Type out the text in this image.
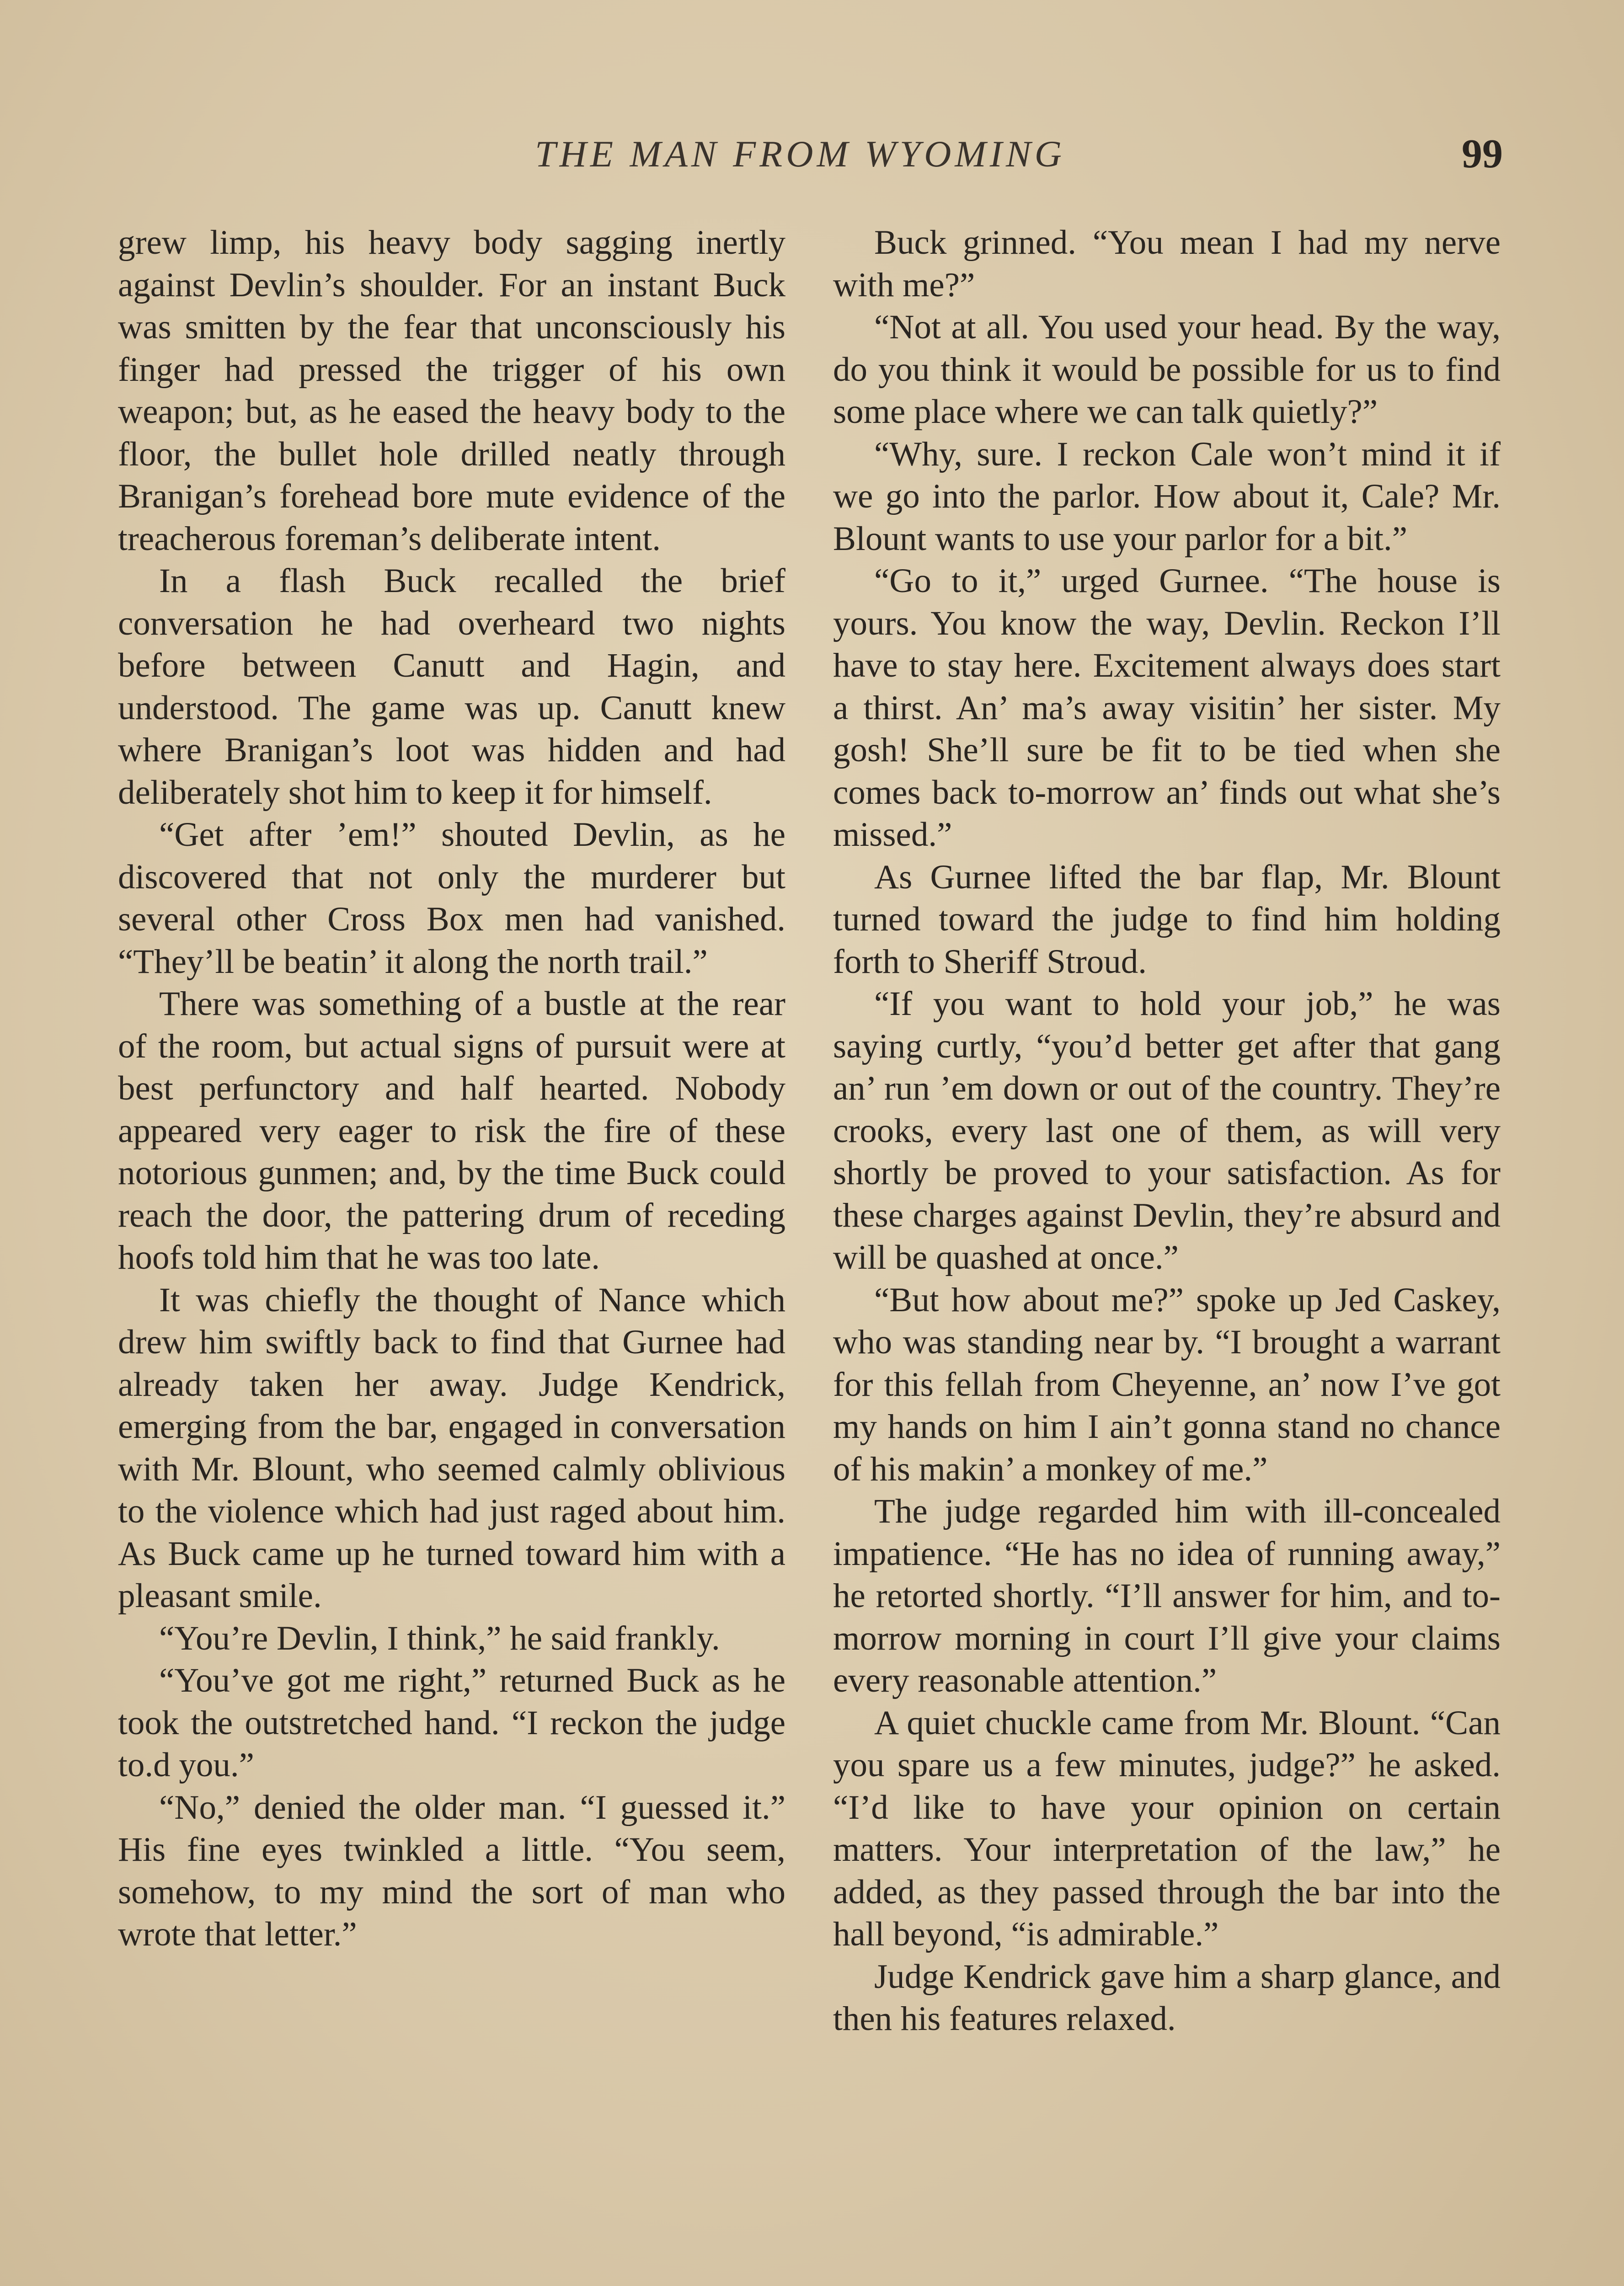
THE MAN FROM WYOMING	99

grew limp, his heavy body sagging inertly against Devlin’s shoulder. For an instant Buck was smitten by the fear that unconsciously his finger had pressed the trigger of his own weapon; but, as he eased the heavy body to the floor, the bullet hole drilled neatly through Branigan’s forehead bore mute evidence of the treacherous foreman’s deliberate intent.

In a flash Buck recalled the brief conversation he had overheard two nights before between Canutt and Hagin, and understood. The game was up. Canutt knew where Branigan’s loot was hidden and had deliberately shot him to keep it for himself.

“Get after ’em!” shouted Devlin, as he discovered that not only the murderer but several other Cross Box men had vanished. “They’ll be beatin’ it along the north trail.”

There was something of a bustle at the rear of the room, but actual signs of pursuit were at best perfunctory and half hearted. Nobody appeared very eager to risk the fire of these notorious gunmen; and, by the time Buck could reach the door, the pattering drum of receding hoofs told him that he was too late.

It was chiefly the thought of Nance which drew him swiftly back to find that Gurnee had already taken her away. Judge Kendrick, emerging from the bar, engaged in conversation with Mr. Blount, who seemed calmly oblivious to the violence which had just raged about him. As Buck came up he turned toward him with a pleasant smile.

“You’re Devlin, I think,” he said frankly.

“You’ve got me right,” returned Buck as he took the outstretched hand. “I reckon the judge to.d you.”

“No,” denied the older man. “I guessed it.” His fine eyes twinkled a little. “You seem, somehow, to my mind the sort of man who wrote that letter.”

Buck grinned. “You mean I had my nerve with me?”

“Not at all. You used your head. By the way, do you think it would be possible for us to find some place where we can talk quietly?”

“Why, sure. I reckon Cale won’t mind it if we go into the parlor. How about it, Cale? Mr. Blount wants to use your parlor for a bit.”

“Go to it,” urged Gurnee. “The house is yours. You know the way, Devlin. Reckon I’ll have to stay here. Excitement always does start a thirst. An’ ma’s away visitin’ her sister. My gosh! She’ll sure be fit to be tied when she comes back to-morrow an’ finds out what she’s missed.”

As Gurnee lifted the bar flap, Mr. Blount turned toward the judge to find him holding forth to Sheriff Stroud.

“If you want to hold your job,” he was saying curtly, “you’d better get after that gang an’ run ’em down or out of the country. They’re crooks, every last one of them, as will very shortly be proved to your satisfaction. As for these charges against Devlin, they’re absurd and will be quashed at once.”

“But how about me?” spoke up Jed Caskey, who was standing near by. “I brought a warrant for this fellah from Cheyenne, an’ now I’ve got my hands on him I ain’t gonna stand no chance of his makin’ a monkey of me.”

The judge regarded him with ill-concealed impatience. “He has no idea of running away,” he retorted shortly. “I’ll answer for him, and to-morrow morning in court I’ll give your claims every reasonable attention.”

A quiet chuckle came from Mr. Blount. “Can you spare us a few minutes, judge?” he asked. “I’d like to have your opinion on certain matters. Your interpretation of the law,” he added, as they passed through the bar into the hall beyond, “is admirable.”

Judge Kendrick gave him a sharp glance, and then his features relaxed.
